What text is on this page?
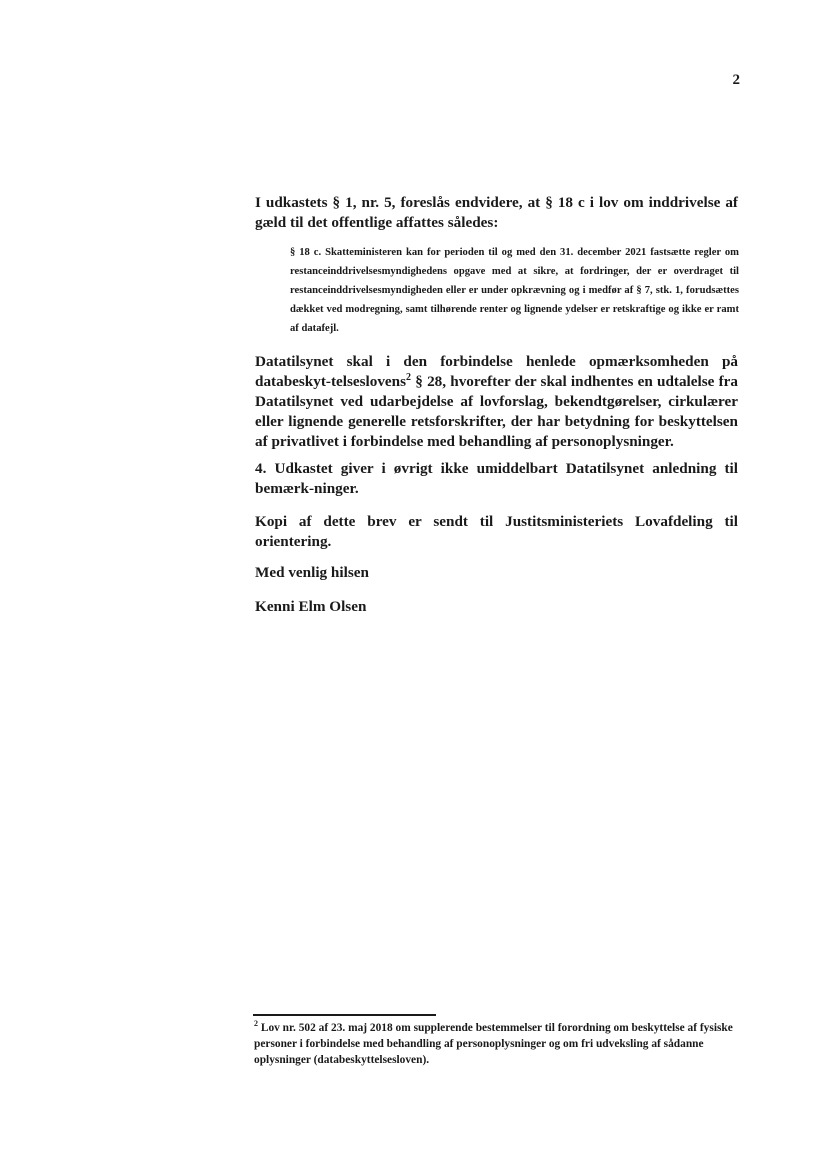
2

I udkastets § 1, nr. 5, foreslås endvidere, at § 18 c i lov om inddrivelse af gæld til det offentlige affattes således:

§ 18 c. Skatteministeren kan for perioden til og med den 31. december 2021 fastsætte regler om restanceinddrivelsesmyndighedens opgave med at sikre, at fordringer, der er overdraget til restanceinddrivelsesmyndigheden eller er under opkrævning og i medfør af § 7, stk. 1, forudsættes dækket ved modregning, samt tilhørende renter og lignende ydelser er retskraftige og ikke er ramt af datafejl.

Datatilsynet skal i den forbindelse henlede opmærksomheden på databeskyt-telseslovens$^2$ § 28, hvorefter der skal indhentes en udtalelse fra Datatilsynet ved udarbejdelse af lovforslag, bekendtgørelser, cirkulærer eller lignende generelle retsforskrifter, der har betydning for beskyttelsen af privatlivet i forbindelse med behandling af personoplysninger.

4. Udkastet giver i øvrigt ikke umiddelbart Datatilsynet anledning til bemærk-ninger.

Kopi af dette brev er sendt til Justitsministeriets Lovafdeling til orientering.

Med venlig hilsen

Kenni Elm Olsen

$^2$ Lov nr. 502 af 23. maj 2018 om supplerende bestemmelser til forordning om beskyttelse af fysiske personer i forbindelse med behandling af personoplysninger og om fri udveksling af sådanne oplysninger (databeskyttelsesloven).
